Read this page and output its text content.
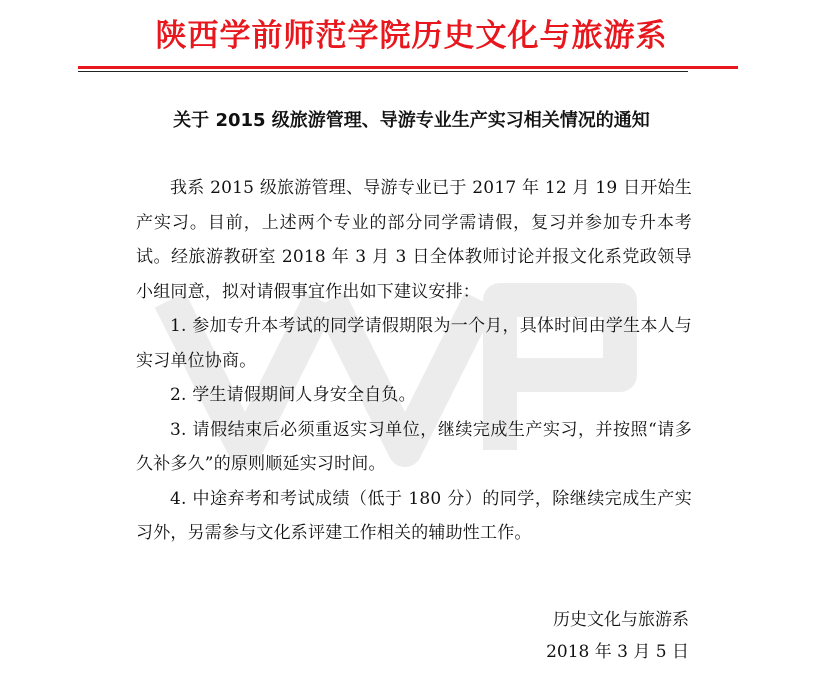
陕西学前师范学院历史文化与旅游系
关于 2015 级旅游管理、导游专业生产实习相关情况的通知

我系 2015 级旅游管理、导游专业已于 2017 年 12 月 19 日开始生产实习。目前，上述两个专业的部分同学需请假，复习并参加专升本考试。经旅游教研室 2018 年 3 月 3 日全体教师讨论并报文化系党政领导小组同意，拟对请假事宜作出如下建议安排：

1. 参加专升本考试的同学请假期限为一个月，具体时间由学生本人与实习单位协商。

2. 学生请假期间人身安全自负。

3. 请假结束后必须重返实习单位，继续完成生产实习，并按照“请多久补多久”的原则顺延实习时间。

4. 中途弃考和考试成绩（低于 180 分）的同学，除继续完成生产实习外，另需参与文化系评建工作相关的辅助性工作。

历史文化与旅游系
2018 年 3 月 5 日
